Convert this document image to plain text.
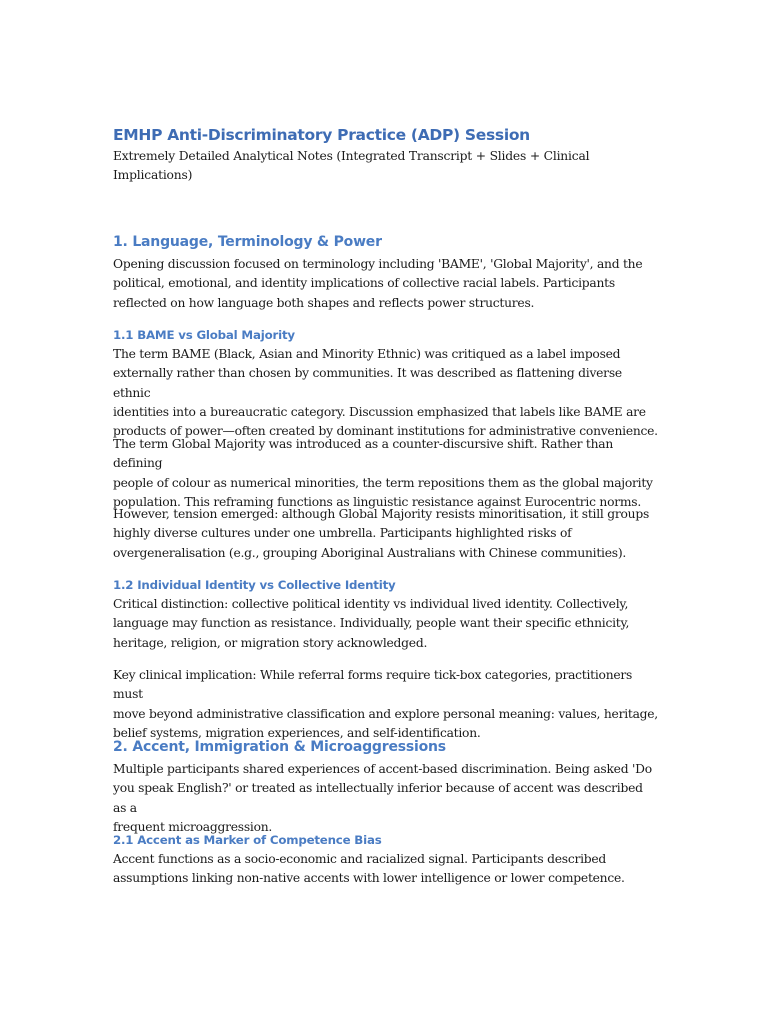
EMHP Anti-Discriminatory Practice (ADP) Session

Extremely Detailed Analytical Notes (Integrated Transcript + Slides + Clinical Implications)

1. Language, Terminology & Power

Opening discussion focused on terminology including 'BAME', 'Global Majority', and the

political, emotional, and identity implications of collective racial labels. Participants

reflected on how language both shapes and reflects power structures.

1.1 BAME vs Global Majority

The term BAME (Black, Asian and Minority Ethnic) was critiqued as a label imposed

externally rather than chosen by communities. It was described as flattening diverse ethnic

identities into a bureaucratic category. Discussion emphasized that labels like BAME are

products of power—often created by dominant institutions for administrative convenience.

The term Global Majority was introduced as a counter-discursive shift. Rather than defining

people of colour as numerical minorities, the term repositions them as the global majority

population. This reframing functions as linguistic resistance against Eurocentric norms.

However, tension emerged: although Global Majority resists minoritisation, it still groups

highly diverse cultures under one umbrella. Participants highlighted risks of

overgeneralisation (e.g., grouping Aboriginal Australians with Chinese communities).

1.2 Individual Identity vs Collective Identity

Critical distinction: collective political identity vs individual lived identity. Collectively,

language may function as resistance. Individually, people want their specific ethnicity,

heritage, religion, or migration story acknowledged.

Key clinical implication: While referral forms require tick-box categories, practitioners must

move beyond administrative classification and explore personal meaning: values, heritage,

belief systems, migration experiences, and self-identification.

2. Accent, Immigration & Microaggressions

Multiple participants shared experiences of accent-based discrimination. Being asked 'Do

you speak English?' or treated as intellectually inferior because of accent was described as a

frequent microaggression.

2.1 Accent as Marker of Competence Bias

Accent functions as a socio-economic and racialized signal. Participants described

assumptions linking non-native accents with lower intelligence or lower competence.
